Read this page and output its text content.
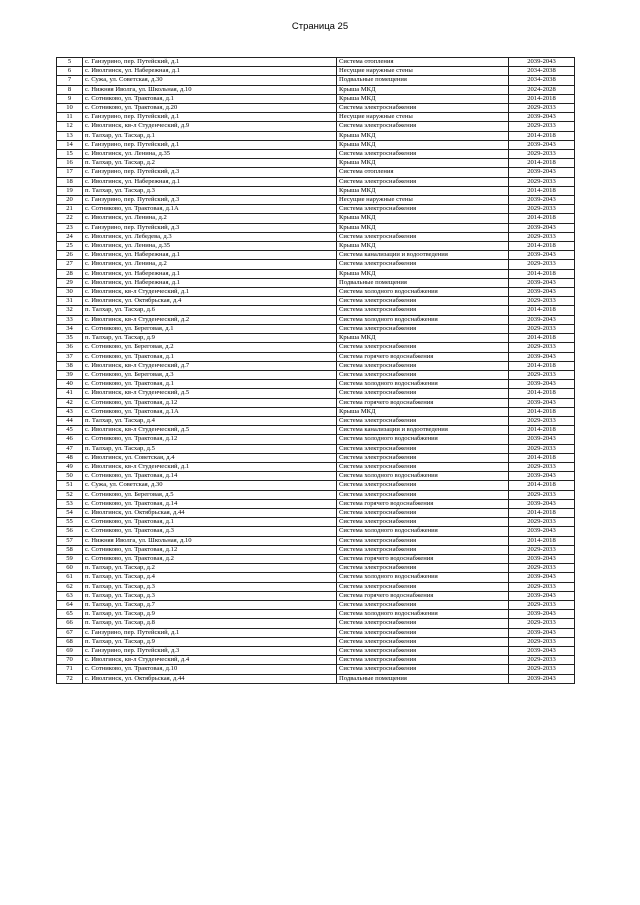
Страница 25
5	с. Ганзурино, пер. Путейский, д.1	Система отопления	2039-2043
6	с. Иволгинск, ул. Набережная, д.1	Несущие наружные стены	2034-2038
7	с. Сужа, ул. Советская, д.30	Подвальные помещения	2034-2038
8	с. Нижняя Иволга, ул. Школьная, д.10	Крыша МКД	2024-2028
9	с. Сотниково, ул. Трактовая, д.1	Крыша МКД	2014-2018
10	с. Сотниково, ул. Трактовая, д.20	Система электроснабжения	2029-2033
11	с. Ганзурино, пер. Путейский, д.1	Несущие наружные стены	2039-2043
12	с. Иволгинск, кв-л Студенческий, д.9	Система электроснабжения	2029-2033
13	п. Талхар, ул. Тасхар, д.1	Крыша МКД	2014-2018
14	с. Ганзурино, пер. Путейский, д.1	Крыша МКД	2039-2043
15	с. Иволгинск, ул. Ленина, д.35	Система электроснабжения	2029-2033
16	п. Талхар, ул. Тасхар, д.2	Крыша МКД	2014-2018
17	с. Ганзурино, пер. Путейский, д.3	Система отопления	2039-2043
18	с. Иволгинск, ул. Набережная, д.1	Система электроснабжения	2029-2033
19	п. Талхар, ул. Тасхар, д.3	Крыша МКД	2014-2018
20	с. Ганзурино, пер. Путейский, д.3	Несущие наружные стены	2039-2043
21	с. Сотниково, ул. Трактовая, д.1А	Система электроснабжения	2029-2033
22	с. Иволгинск, ул. Ленина, д.2	Крыша МКД	2014-2018
23	с. Ганзурино, пер. Путейский, д.3	Крыша МКД	2039-2043
24	с. Иволгинск, ул. Лебедева, д.3	Система электроснабжения	2029-2033
25	с. Иволгинск, ул. Ленина, д.35	Крыша МКД	2014-2018
26	с. Иволгинск, ул. Набережная, д.1	Система канализации и водоотведения	2039-2043
27	с. Иволгинск, ул. Ленина, д.2	Система электроснабжения	2029-2033
28	с. Иволгинск, ул. Набережная, д.1	Крыша МКД	2014-2018
29	с. Иволгинск, ул. Набережная, д.1	Подвальные помещения	2039-2043
30	с. Иволгинск, кв-л Студенческий, д.1	Система холодного водоснабжения	2039-2043
31	с. Иволгинск, ул. Октябрьская, д.4	Система электроснабжения	2029-2033
32	п. Талхар, ул. Тасхар, д.6	Система электроснабжения	2014-2018
33	с. Иволгинск, кв-л Студенческий, д.2	Система холодного водоснабжения	2039-2043
34	с. Сотниково, ул. Береговая, д.1	Система электроснабжения	2029-2033
35	п. Талхар, ул. Тасхар, д.9	Крыша МКД	2014-2018
36	с. Сотниково, ул. Береговая, д.2	Система электроснабжения	2029-2033
37	с. Сотниково, ул. Трактовая, д.1	Система горячего водоснабжения	2039-2043
38	с. Иволгинск, кв-л Студенческий, д.7	Система электроснабжения	2014-2018
39	с. Сотниково, ул. Береговая, д.3	Система электроснабжения	2029-2033
40	с. Сотниково, ул. Трактовая, д.1	Система холодного водоснабжения	2039-2043
41	с. Иволгинск, кв-л Студенческий, д.5	Система электроснабжения	2014-2018
42	с. Сотниково, ул. Трактовая, д.12	Система горячего водоснабжения	2039-2043
43	с. Сотниково, ул. Трактовая, д.1А	Крыша МКД	2014-2018
44	п. Талхар, ул. Тасхар, д.4	Система электроснабжения	2029-2033
45	с. Иволгинск, кв-л Студенческий, д.5	Система канализации и водоотведения	2014-2018
46	с. Сотниково, ул. Трактовая, д.12	Система холодного водоснабжения	2039-2043
47	п. Талхар, ул. Тасхар, д.5	Система электроснабжения	2029-2033
48	с. Иволгинск, ул. Советская, д.4	Система электроснабжения	2014-2018
49	с. Иволгинск, кв-л Студенческий, д.1	Система электроснабжения	2029-2033
50	с. Сотниково, ул. Трактовая, д.14	Система холодного водоснабжения	2039-2043
51	с. Сужа, ул. Советская, д.30	Система электроснабжения	2014-2018
52	с. Сотниково, ул. Береговая, д.5	Система электроснабжения	2029-2033
53	с. Сотниково, ул. Трактовая, д.14	Система горячего водоснабжения	2039-2043
54	с. Иволгинск, ул. Октябрьская, д.44	Система электроснабжения	2014-2018
55	с. Сотниково, ул. Трактовая, д.1	Система электроснабжения	2029-2033
56	с. Сотниково, ул. Трактовая, д.3	Система холодного водоснабжения	2039-2043
57	с. Нижняя Иволга, ул. Школьная, д.10	Система электроснабжения	2014-2018
58	с. Сотниково, ул. Трактовая, д.12	Система электроснабжения	2029-2033
59	с. Сотниково, ул. Трактовая, д.2	Система горячего водоснабжения	2039-2043
60	п. Талхар, ул. Тасхар, д.2	Система электроснабжения	2029-2033
61	п. Талхар, ул. Тасхар, д.4	Система холодного водоснабжения	2039-2043
62	п. Талхар, ул. Тасхар, д.3	Система электроснабжения	2029-2033
63	п. Талхар, ул. Тасхар, д.3	Система горячего водоснабжения	2039-2043
64	п. Талхар, ул. Тасхар, д.7	Система электроснабжения	2029-2033
65	п. Талхар, ул. Тасхар, д.9	Система холодного водоснабжения	2039-2043
66	п. Талхар, ул. Тасхар, д.8	Система электроснабжения	2029-2033
67	с. Ганзурино, пер. Путейский, д.1	Система электроснабжения	2039-2043
68	п. Талхар, ул. Тасхар, д.9	Система электроснабжения	2029-2033
69	с. Ганзурино, пер. Путейский, д.3	Система электроснабжения	2039-2043
70	с. Иволгинск, кв-л Студенческий, д.4	Система электроснабжения	2029-2033
71	с. Сотниково, ул. Трактовая, д.10	Система электроснабжения	2029-2033
72	с. Иволгинск, ул. Октябрьская, д.44	Подвальные помещения	2039-2043
